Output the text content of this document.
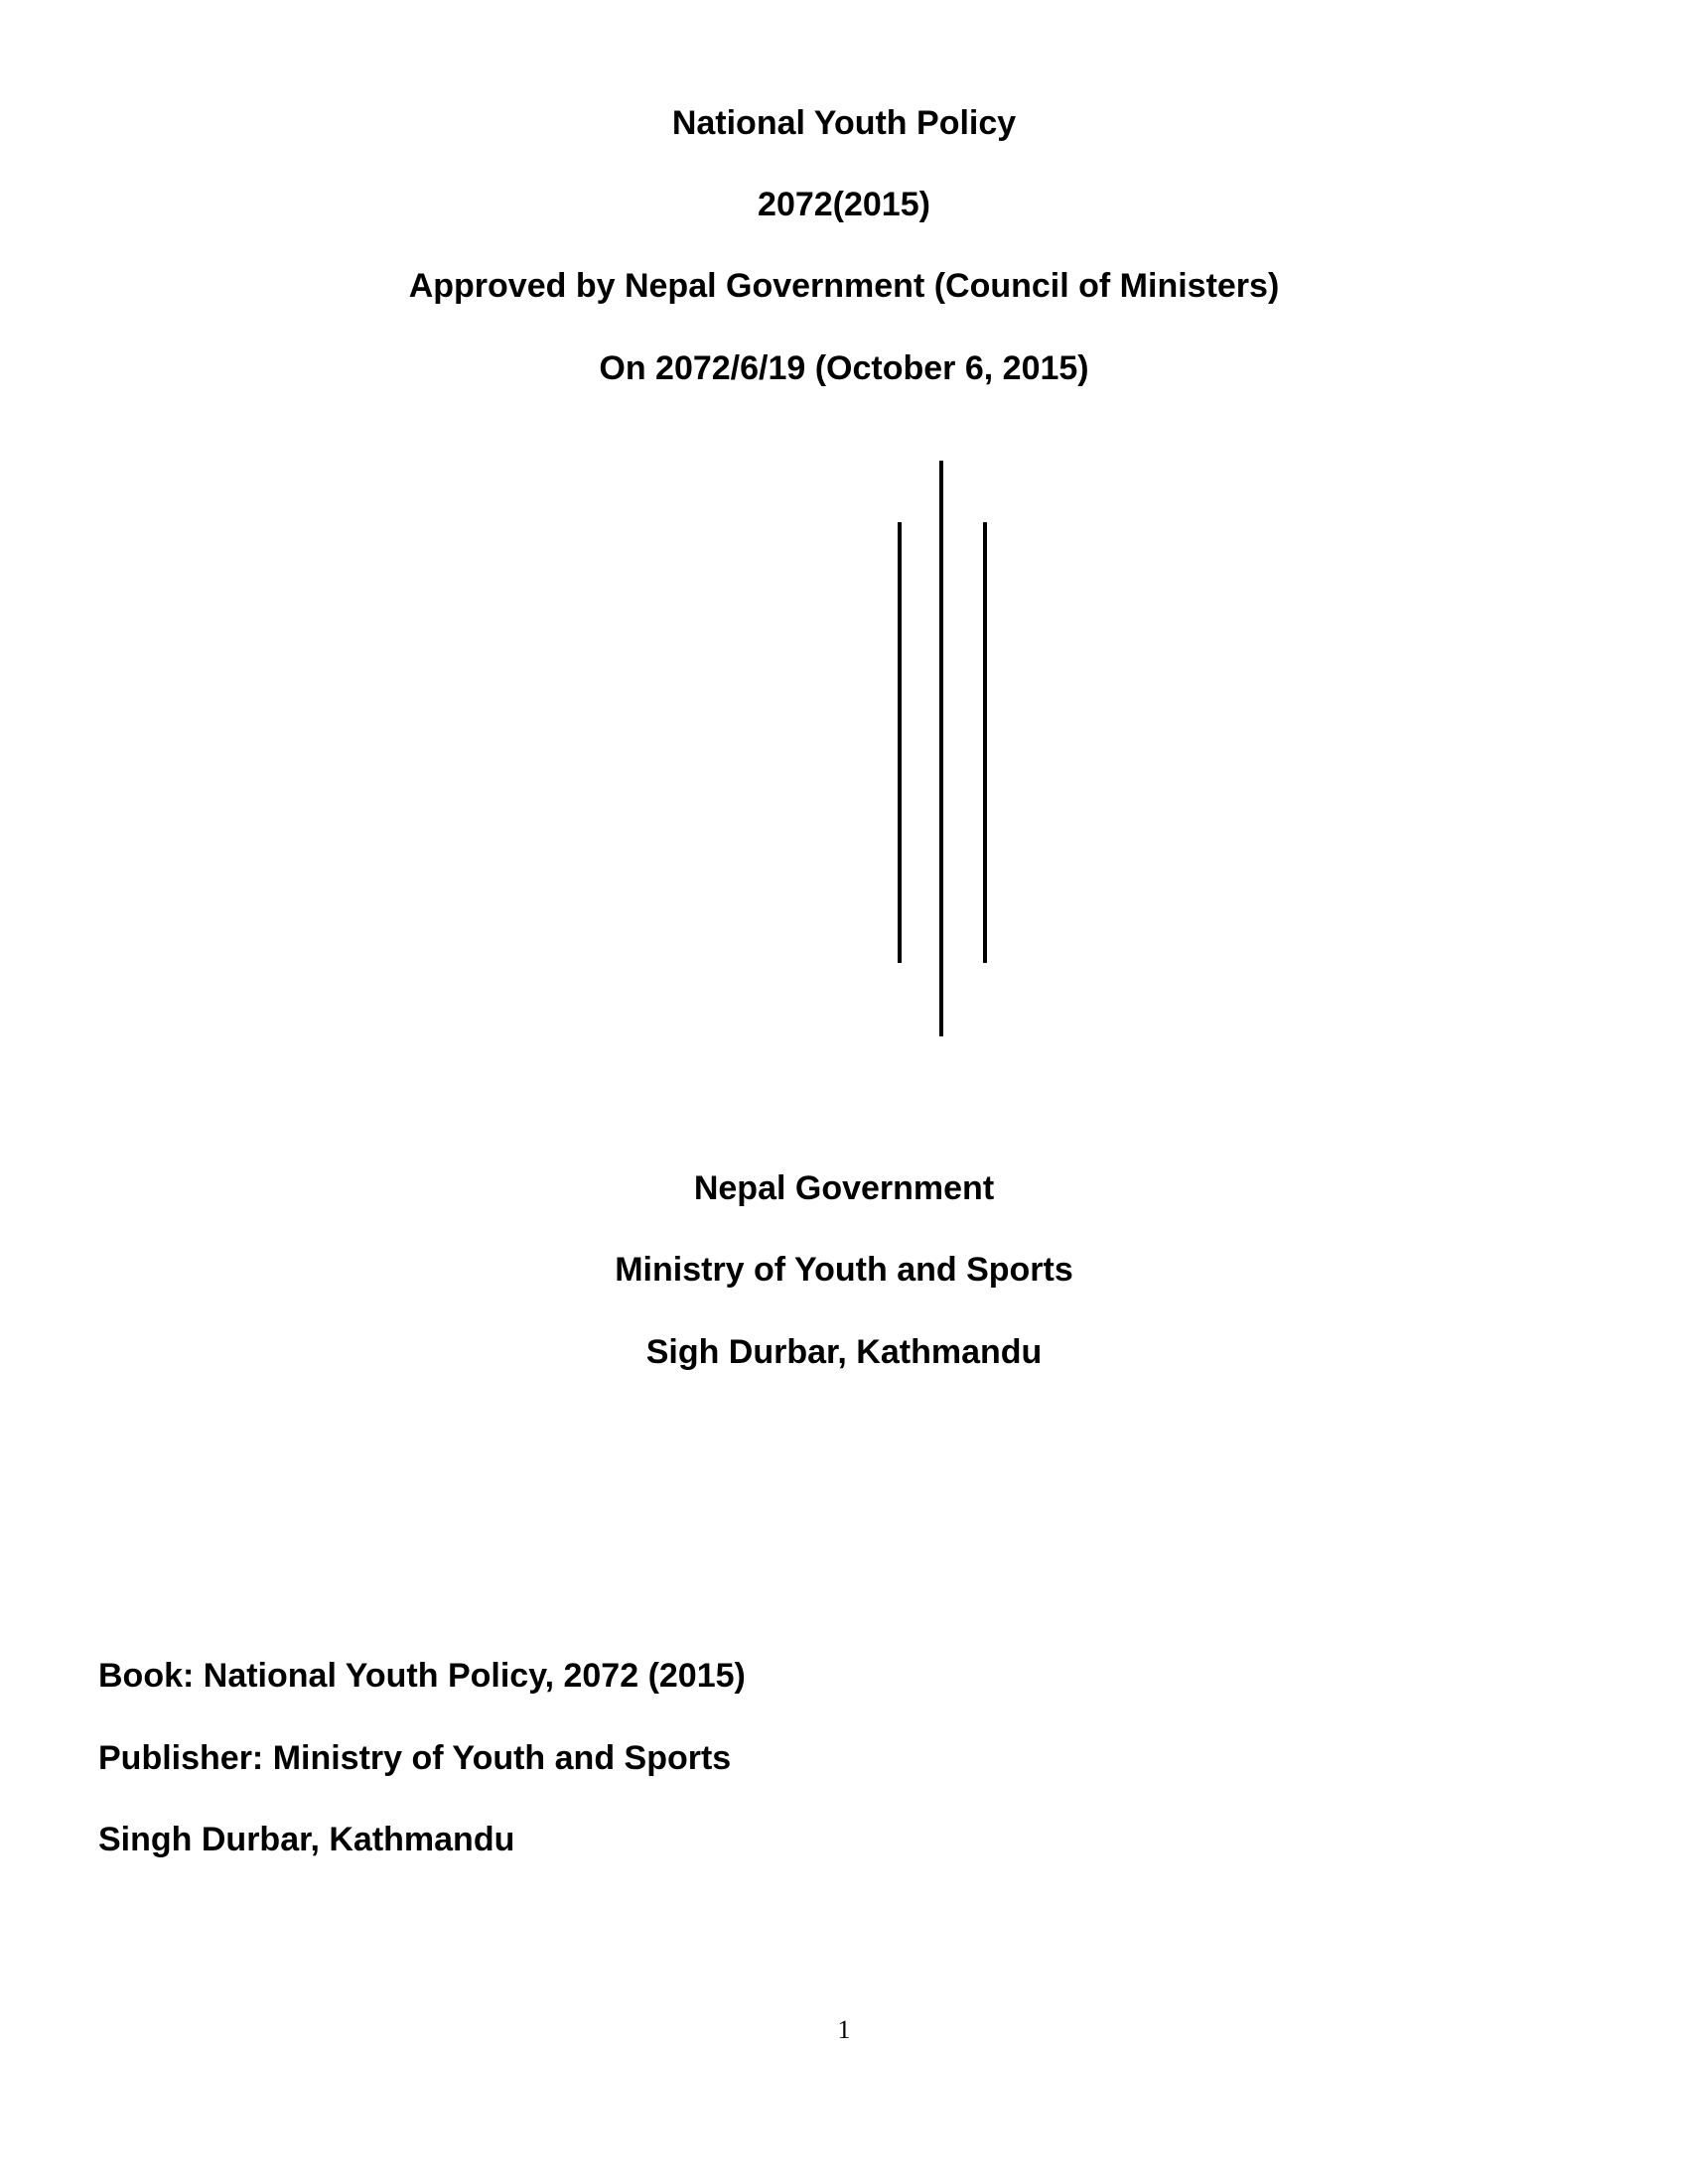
National Youth Policy
2072(2015)
Approved by Nepal Government (Council of Ministers)
On 2072/6/19 (October 6, 2015)
Nepal Government
Ministry of Youth and Sports
Sigh Durbar, Kathmandu
Book: National Youth Policy, 2072 (2015)
Publisher: Ministry of Youth and Sports
Singh Durbar, Kathmandu
1
